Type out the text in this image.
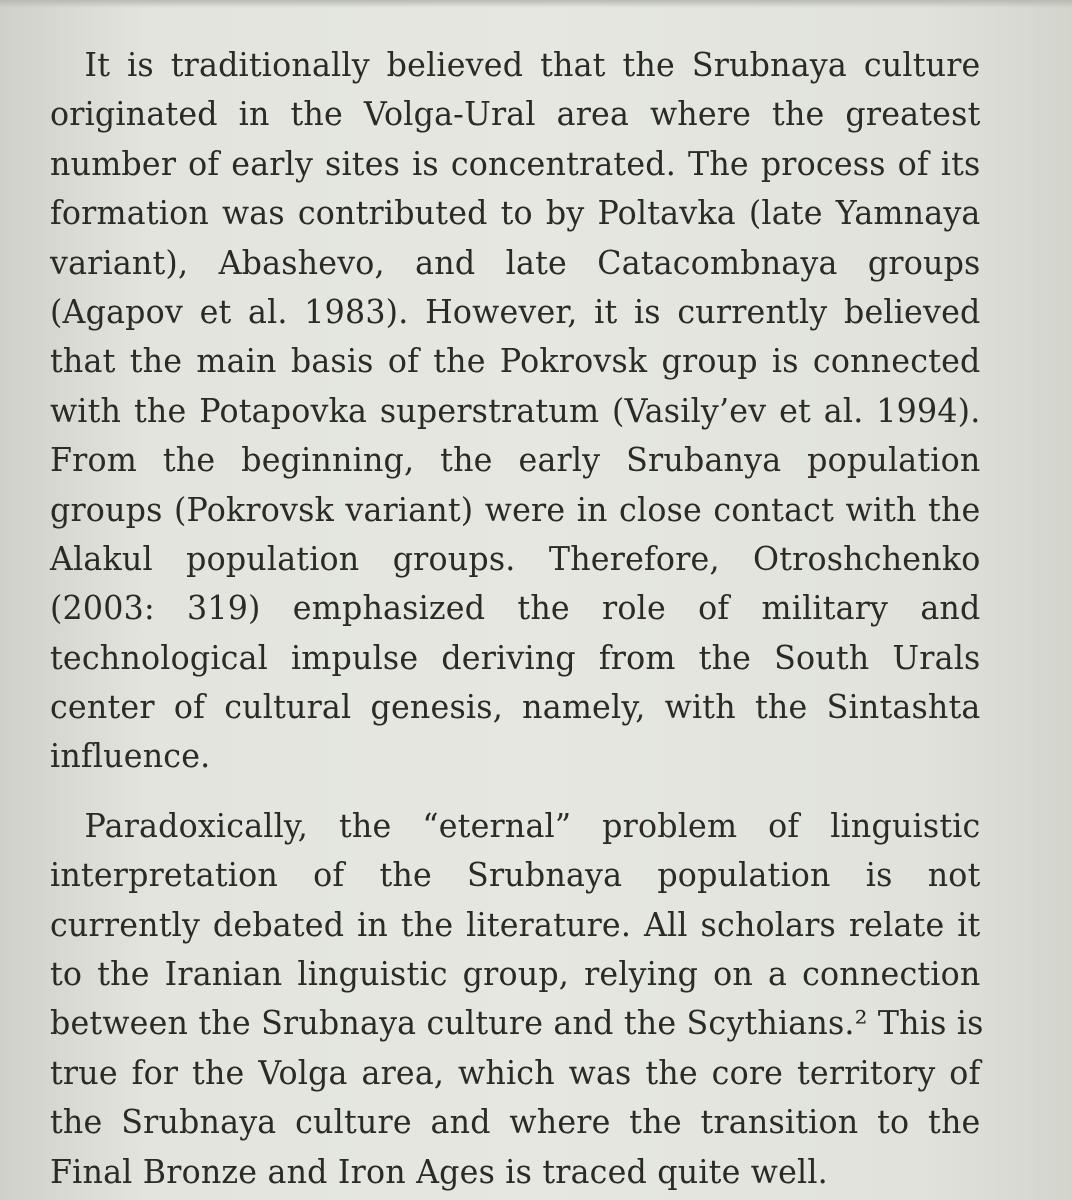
It is traditionally believed that the Srubnaya culture
originated in the Volga-Ural area where the greatest
number of early sites is concentrated. The process of its
formation was contributed to by Poltavka (late Yamnaya
variant), Abashevo, and late Catacombnaya groups
(Agapov et al. 1983). However, it is currently believed
that the main basis of the Pokrovsk group is connected
with the Potapovka superstratum (Vasily’ev et al. 1994).
From the beginning, the early Srubanya population
groups (Pokrovsk variant) were in close contact with the
Alakul population groups. Therefore, Otroshchenko
(2003: 319) emphasized the role of military and
technological impulse deriving from the South Urals
center of cultural genesis, namely, with the Sintashta
influence.

Paradoxically, the “eternal” problem of linguistic
interpretation of the Srubnaya population is not
currently debated in the literature. All scholars relate it
to the Iranian linguistic group, relying on a connection
between the Srubnaya culture and the Scythians.² This is
true for the Volga area, which was the core territory of
the Srubnaya culture and where the transition to the
Final Bronze and Iron Ages is traced quite well.
